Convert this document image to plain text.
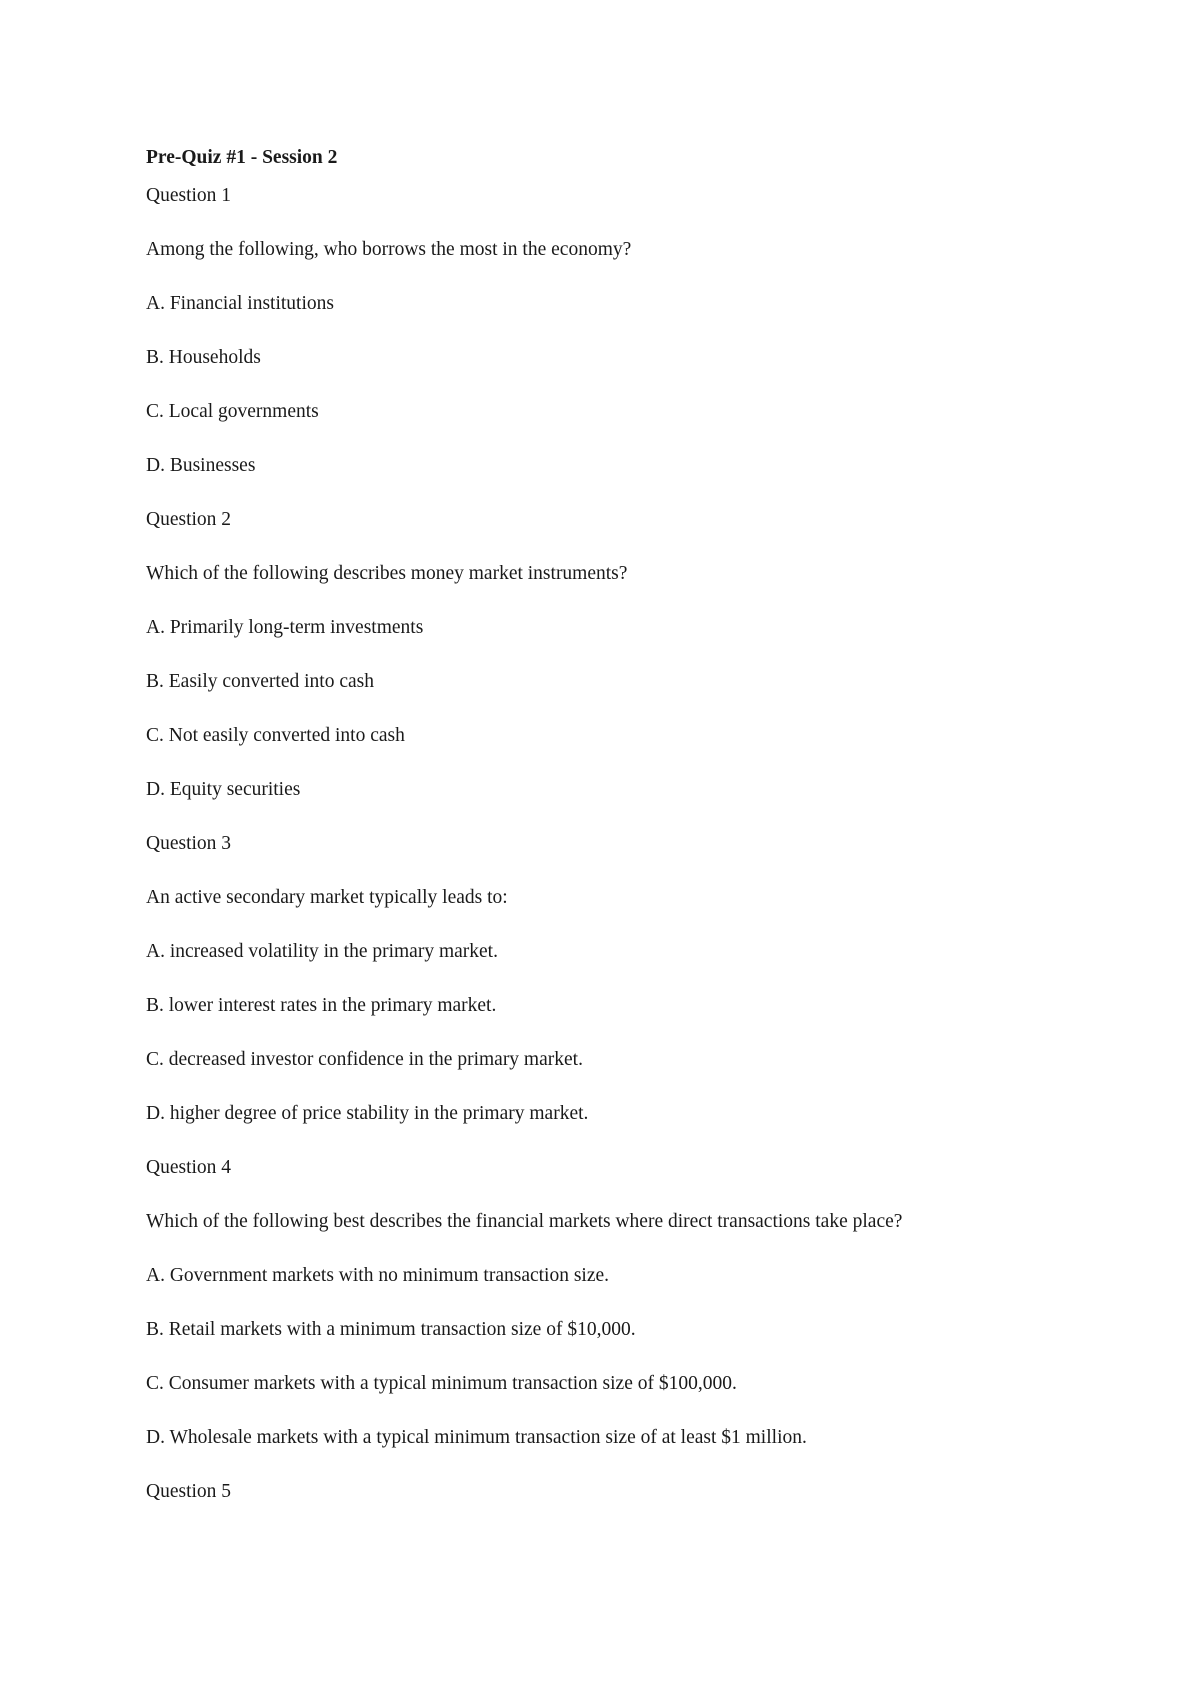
Pre-Quiz #1 - Session 2

Question 1

Among the following, who borrows the most in the economy?

A. Financial institutions

B. Households

C. Local governments

D. Businesses

Question 2

Which of the following describes money market instruments?

A. Primarily long-term investments

B. Easily converted into cash

C. Not easily converted into cash

D. Equity securities

Question 3

An active secondary market typically leads to:

A. increased volatility in the primary market.

B. lower interest rates in the primary market.

C. decreased investor confidence in the primary market.

D. higher degree of price stability in the primary market.

Question 4

Which of the following best describes the financial markets where direct transactions take place?

A. Government markets with no minimum transaction size.

B. Retail markets with a minimum transaction size of $10,000.

C. Consumer markets with a typical minimum transaction size of $100,000.

D. Wholesale markets with a typical minimum transaction size of at least $1 million.

Question 5
